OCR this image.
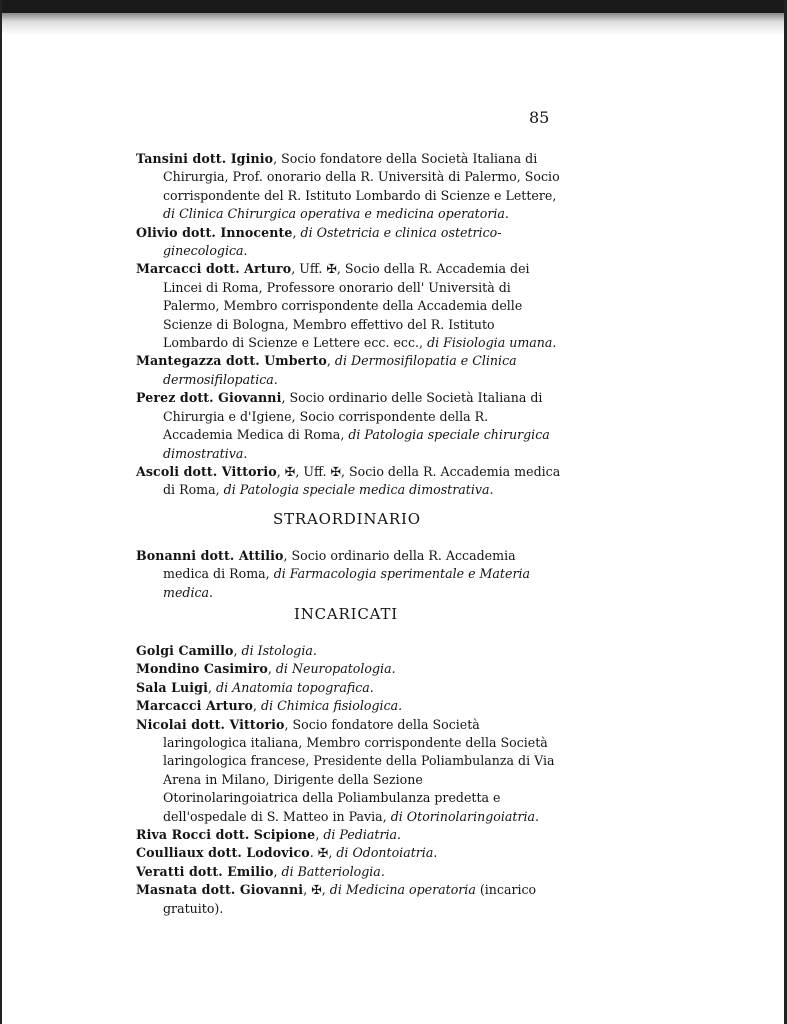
85
Tansini dott. Iginio, Socio fondatore della Società Italiana di Chirurgia, Prof. onorario della R. Università di Palermo, Socio corrispondente del R. Istituto Lombardo di Scienze e Lettere, di Clinica Chirurgica operativa e medicina operatoria.
Olivio dott. Innocente, di Ostetricia e clinica ostetrico-ginecologica.
Marcacci dott. Arturo, Uff. ✠, Socio della R. Accademia dei Lincei di Roma, Professore onorario dell' Università di Palermo, Membro corrispondente della Accademia delle Scienze di Bologna, Membro effettivo del R. Istituto Lombardo di Scienze e Lettere ecc. ecc., di Fisiologia umana.
Mantegazza dott. Umberto, di Dermosifilopatia e Clinica dermosifilopatica.
Perez dott. Giovanni, Socio ordinario delle Società Italiana di Chirurgia e d'Igiene, Socio corrispondente della R. Accademia Medica di Roma, di Patologia speciale chirurgica dimostrativa.
Ascoli dott. Vittorio, ✠, Uff. ✠, Socio della R. Accademia medica di Roma, di Patologia speciale medica dimostrativa.
STRAORDINARIO
Bonanni dott. Attilio, Socio ordinario della R. Accademia medica di Roma, di Farmacologia sperimentale e Materia medica.
INCARICATI
Golgi Camillo, di Istologia.
Mondino Casimiro, di Neuropatologia.
Sala Luigi, di Anatomia topografica.
Marcacci Arturo, di Chimica fisiologica.
Nicolai dott. Vittorio, Socio fondatore della Società laringologica italiana, Membro corrispondente della Società laringologica francese, Presidente della Poliambulanza di Via Arena in Milano, Dirigente della Sezione Otorinolaringoiatrica della Poliambulanza predetta e dell'ospedale di S. Matteo in Pavia, di Otorinolaringoiatria.
Riva Rocci dott. Scipione, di Pediatria.
Coulliaux dott. Lodovico. ✠, di Odontoiatria.
Veratti dott. Emilio, di Batteriologia.
Masnata dott. Giovanni, ✠, di Medicina operatoria (incarico gratuito).
